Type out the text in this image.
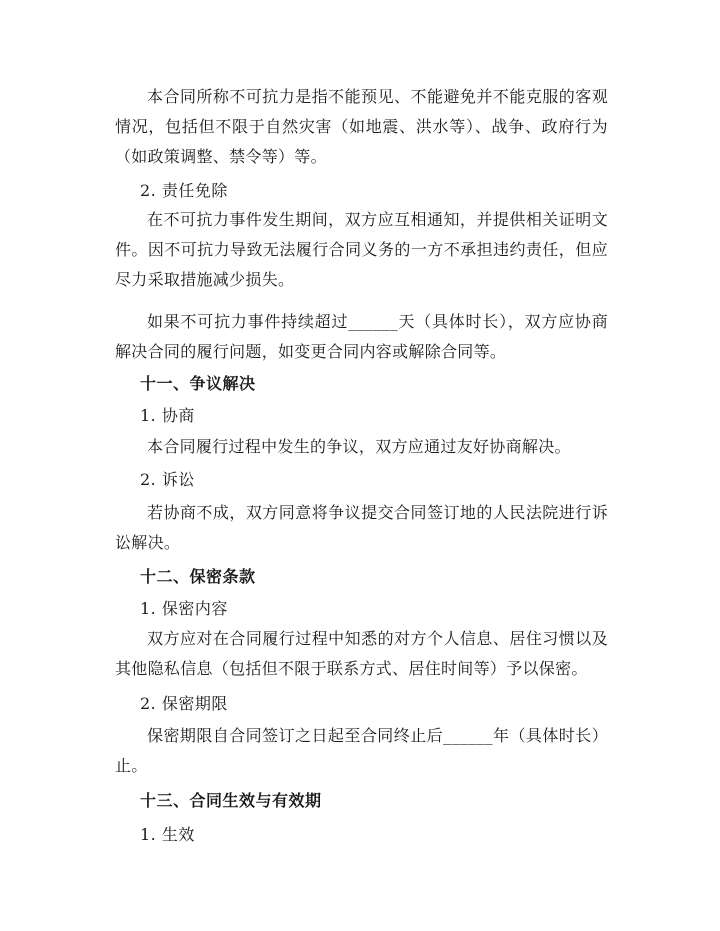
本合同所称不可抗力是指不能预见、不能避免并不能克服的客观情况，包括但不限于自然灾害（如地震、洪水等）、战争、政府行为（如政策调整、禁令等）等。

2. 责任免除

在不可抗力事件发生期间，双方应互相通知，并提供相关证明文件。因不可抗力导致无法履行合同义务的一方不承担违约责任，但应尽力采取措施减少损失。

如果不可抗力事件持续超过______天（具体时长），双方应协商解决合同的履行问题，如变更合同内容或解除合同等。

十一、争议解决

1. 协商

本合同履行过程中发生的争议，双方应通过友好协商解决。

2. 诉讼

若协商不成，双方同意将争议提交合同签订地的人民法院进行诉讼解决。

十二、保密条款

1. 保密内容

双方应对在合同履行过程中知悉的对方个人信息、居住习惯以及其他隐私信息（包括但不限于联系方式、居住时间等）予以保密。

2. 保密期限

保密期限自合同签订之日起至合同终止后______年（具体时长）止。

十三、合同生效与有效期

1. 生效
